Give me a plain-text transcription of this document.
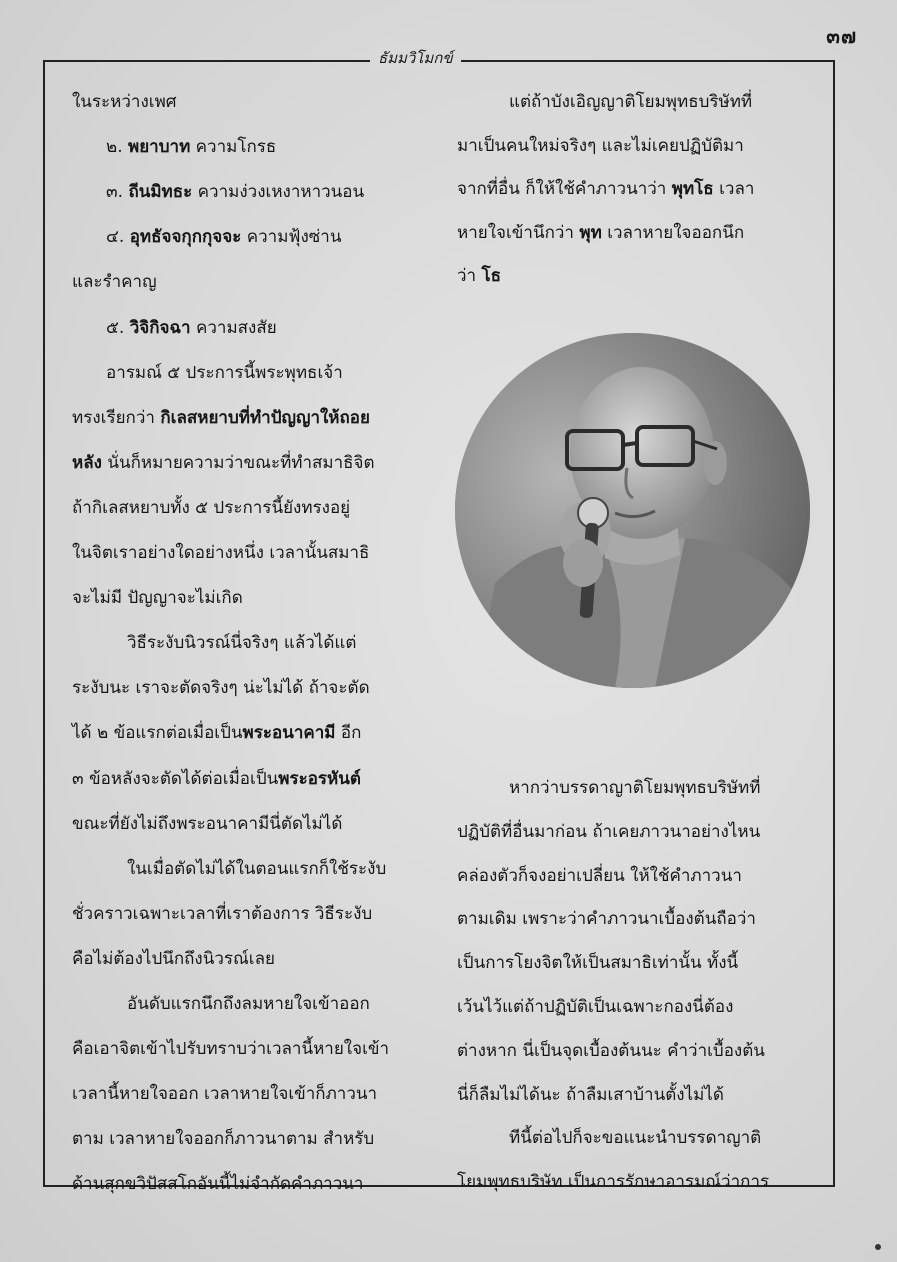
๓๗
ธัมมวิโมกข์
ในระหว่างเพศ
๒. พยาบาท ความโกรธ
๓. ถีนมิทธะ ความง่วงเหงาหาวนอน
๔. อุทธัจจกุกกุจจะ ความฟุ้งซ่าน
และรำคาญ
๕. วิจิกิจฉา ความสงสัย
อารมณ์ ๕ ประการนี้พระพุทธเจ้า
ทรงเรียกว่า กิเลสหยาบที่ทำปัญญาให้ถอย
หลัง นั่นก็หมายความว่าขณะที่ทำสมาธิจิต
ถ้ากิเลสหยาบทั้ง ๕ ประการนี้ยังทรงอยู่
ในจิตเราอย่างใดอย่างหนึ่ง เวลานั้นสมาธิ
จะไม่มี ปัญญาจะไม่เกิด
วิธีระงับนิวรณ์นี่จริงๆ แล้วได้แต่
ระงับนะ เราจะตัดจริงๆ น่ะไม่ได้ ถ้าจะตัด
ได้ ๒ ข้อแรกต่อเมื่อเป็นพระอนาคามี อีก
๓ ข้อหลังจะตัดได้ต่อเมื่อเป็นพระอรหันต์
ขณะที่ยังไม่ถึงพระอนาคามีนี่ตัดไม่ได้
ในเมื่อตัดไม่ได้ในตอนแรกก็ใช้ระงับ
ชั่วคราวเฉพาะเวลาที่เราต้องการ วิธีระงับ
คือไม่ต้องไปนึกถึงนิวรณ์เลย
อันดับแรกนึกถึงลมหายใจเข้าออก
คือเอาจิตเข้าไปรับทราบว่าเวลานี้หายใจเข้า
เวลานี้หายใจออก เวลาหายใจเข้าก็ภาวนา
ตาม เวลาหายใจออกก็ภาวนาตาม สำหรับ
ด้านสุกขวิปัสสโกอันนี้ไม่จำกัดคำภาวนา
แต่ถ้าบังเอิญญาติโยมพุทธบริษัทที่
มาเป็นคนใหม่จริงๆ และไม่เคยปฏิบัติมา
จากที่อื่น ก็ให้ใช้คำภาวนาว่า พุทโธ เวลา
หายใจเข้านึกว่า พุท เวลาหายใจออกนึก
ว่า โธ
หากว่าบรรดาญาติโยมพุทธบริษัทที่
ปฏิบัติที่อื่นมาก่อน ถ้าเคยภาวนาอย่างไหน
คล่องตัวก็จงอย่าเปลี่ยน ให้ใช้คำภาวนา
ตามเดิม เพราะว่าคำภาวนาเบื้องต้นถือว่า
เป็นการโยงจิตให้เป็นสมาธิเท่านั้น ทั้งนี้
เว้นไว้แต่ถ้าปฏิบัติเป็นเฉพาะกองนี่ต้อง
ต่างหาก นี่เป็นจุดเบื้องต้นนะ คำว่าเบื้องต้น
นี่ก็ลืมไม่ได้นะ ถ้าลืมเสาบ้านตั้งไม่ได้
ทีนี้ต่อไปก็จะขอแนะนำบรรดาญาติ
โยมพุทธบริษัท เป็นการรักษาอารมณ์ว่าการ
